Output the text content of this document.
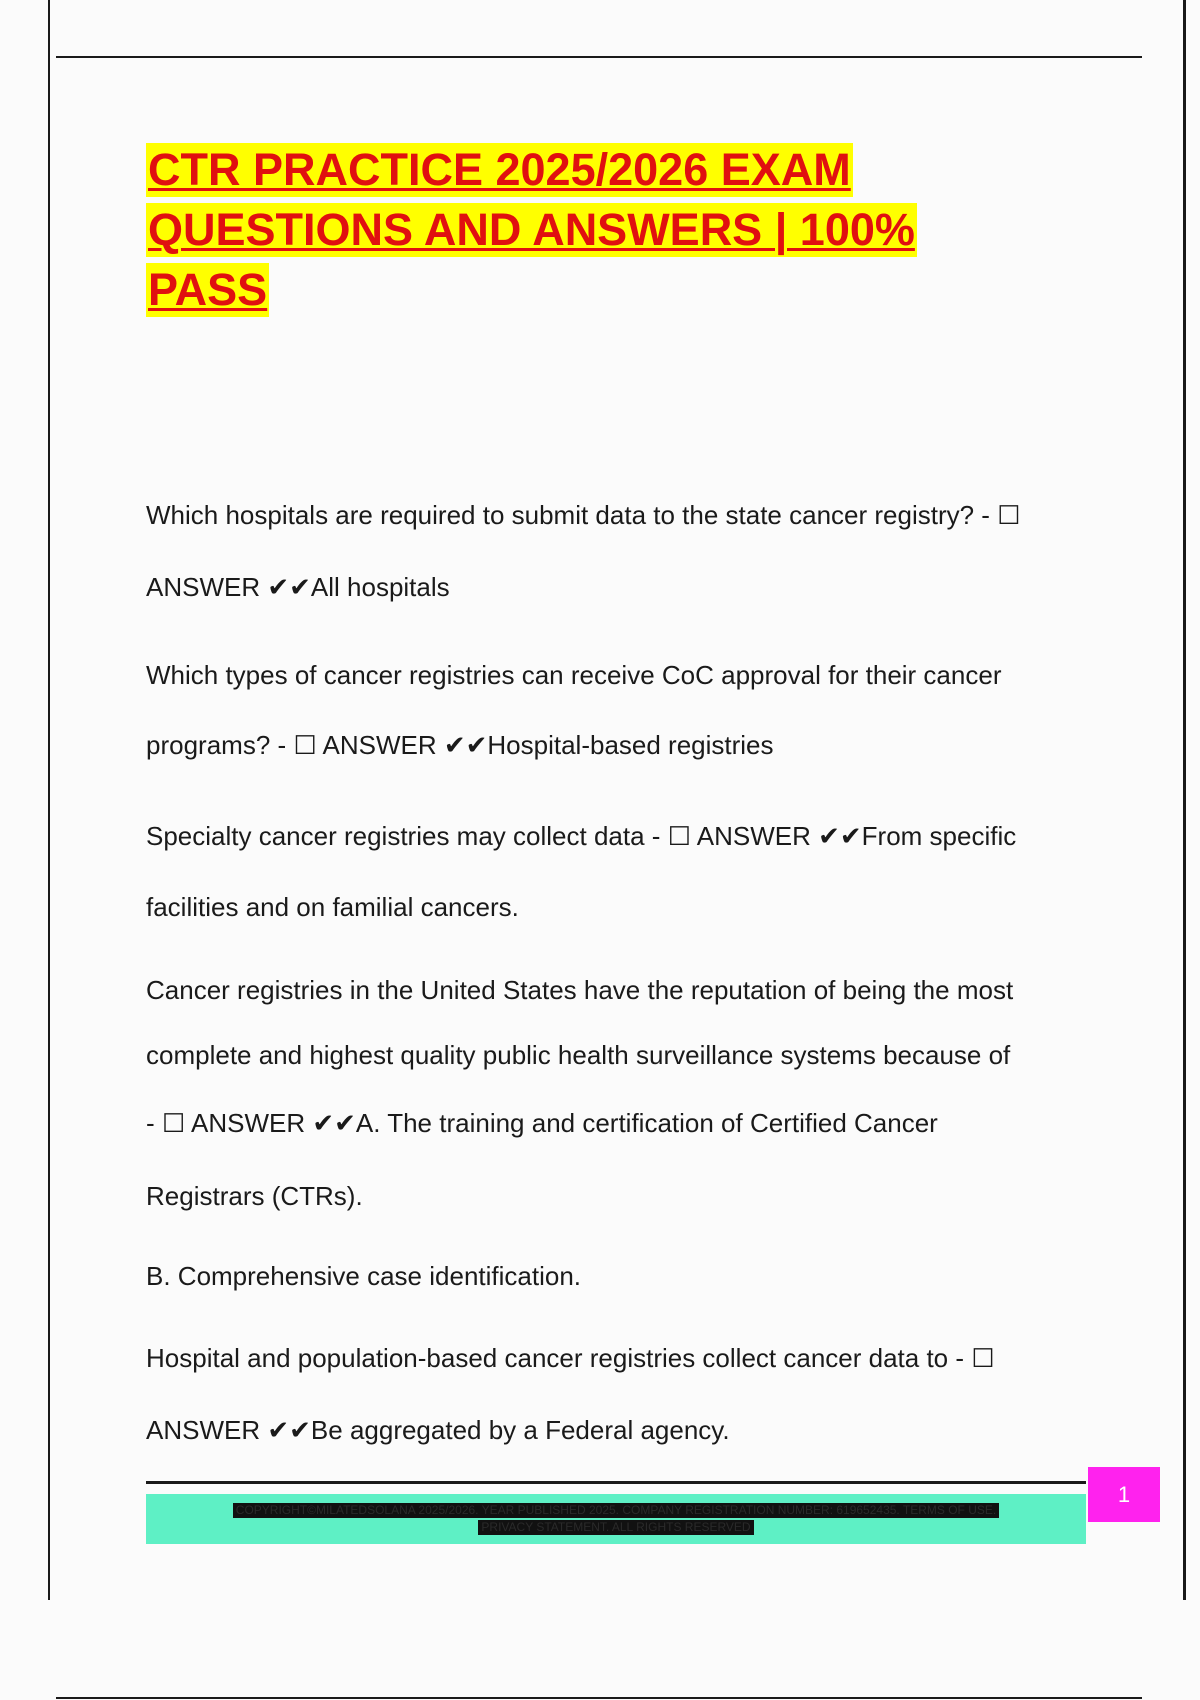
CTR PRACTICE 2025/2026 EXAM
QUESTIONS AND ANSWERS | 100%
PASS

Which hospitals are required to submit data to the state cancer registry? - ☐

ANSWER ✔✔All hospitals

Which types of cancer registries can receive CoC approval for their cancer

programs? - ☐ ANSWER ✔✔Hospital-based registries

Specialty cancer registries may collect data - ☐ ANSWER ✔✔From specific

facilities and on familial cancers.

Cancer registries in the United States have the reputation of being the most

complete and highest quality public health surveillance systems because of

- ☐ ANSWER ✔✔A. The training and certification of Certified Cancer

Registrars (CTRs).

B. Comprehensive case identification.

Hospital and population-based cancer registries collect cancer data to - ☐

ANSWER ✔✔Be aggregated by a Federal agency.

COPYRIGHT©MILATEDSOLANA 2025/2026. YEAR PUBLISHED 2025. COMPANY REGISTRATION NUMBER: 619652435. TERMS OF USE.
PRIVACY STATEMENT. ALL RIGHTS RESERVED
1
